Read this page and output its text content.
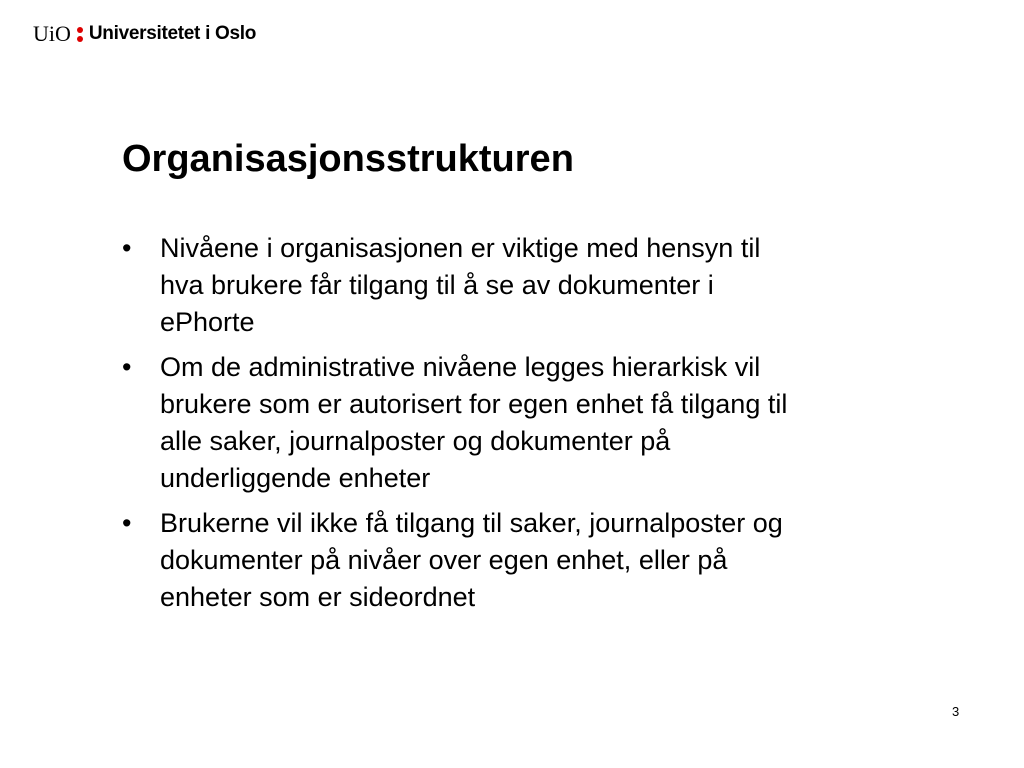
UiO Universitetet i Oslo
Organisasjonsstrukturen
•	Nivåene i organisasjonen er viktige med hensyn til
hva brukere får tilgang til å se av dokumenter i
ePhorte
•	Om de administrative nivåene legges hierarkisk vil
brukere som er autorisert for egen enhet få tilgang til
alle saker, journalposter og dokumenter på
underliggende enheter
•	Brukerne vil ikke få tilgang til saker, journalposter og
dokumenter på nivåer over egen enhet, eller på
enheter som er sideordnet
3
